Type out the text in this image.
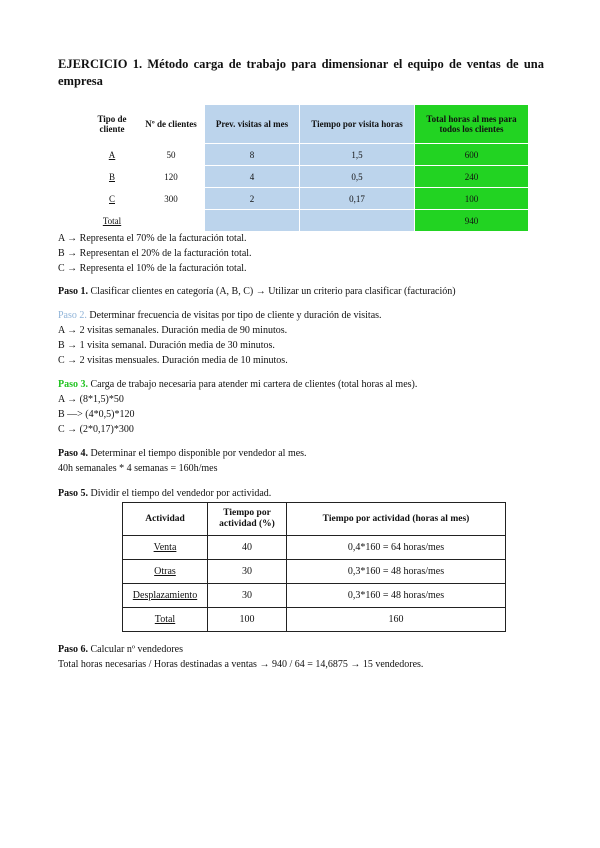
EJERCICIO 1. Método carga de trabajo para dimensionar el equipo de ventas de una empresa
Tipo de cliente	Nº de clientes	Prev. visitas al mes	Tiempo por visita horas	Total horas al mes para todos los clientes
A	50	8	1,5	600
B	120	4	0,5	240
C	300	2	0,17	100
Total				940
A → Representa el 70% de la facturación total.
B → Representan el 20% de la facturación total.
C → Representa el 10% de la facturación total.
Paso 1. Clasificar clientes en categoría (A, B, C) → Utilizar un criterio para clasificar (facturación)
Paso 2. Determinar frecuencia de visitas por tipo de cliente y duración de visitas.
A → 2 visitas semanales. Duración media de 90 minutos.
B → 1 visita semanal. Duración media de 30 minutos.
C → 2 visitas mensuales. Duración media de 10 minutos.
Paso 3. Carga de trabajo necesaria para atender mi cartera de clientes (total horas al mes).
A → (8*1,5)*50
B —> (4*0,5)*120
C → (2*0,17)*300
Paso 4. Determinar el tiempo disponible por vendedor al mes.
40h semanales * 4 semanas = 160h/mes
Paso 5. Dividir el tiempo del vendedor por actividad.
Actividad	Tiempo por actividad (%)	Tiempo por actividad (horas al mes)
Venta	40	0,4*160 = 64 horas/mes
Otras	30	0,3*160 = 48 horas/mes
Desplazamiento	30	0,3*160 = 48 horas/mes
Total	100	160
Paso 6. Calcular nº vendedores
Total horas necesarias / Horas destinadas a ventas → 940 / 64 = 14,6875 → 15 vendedores.
